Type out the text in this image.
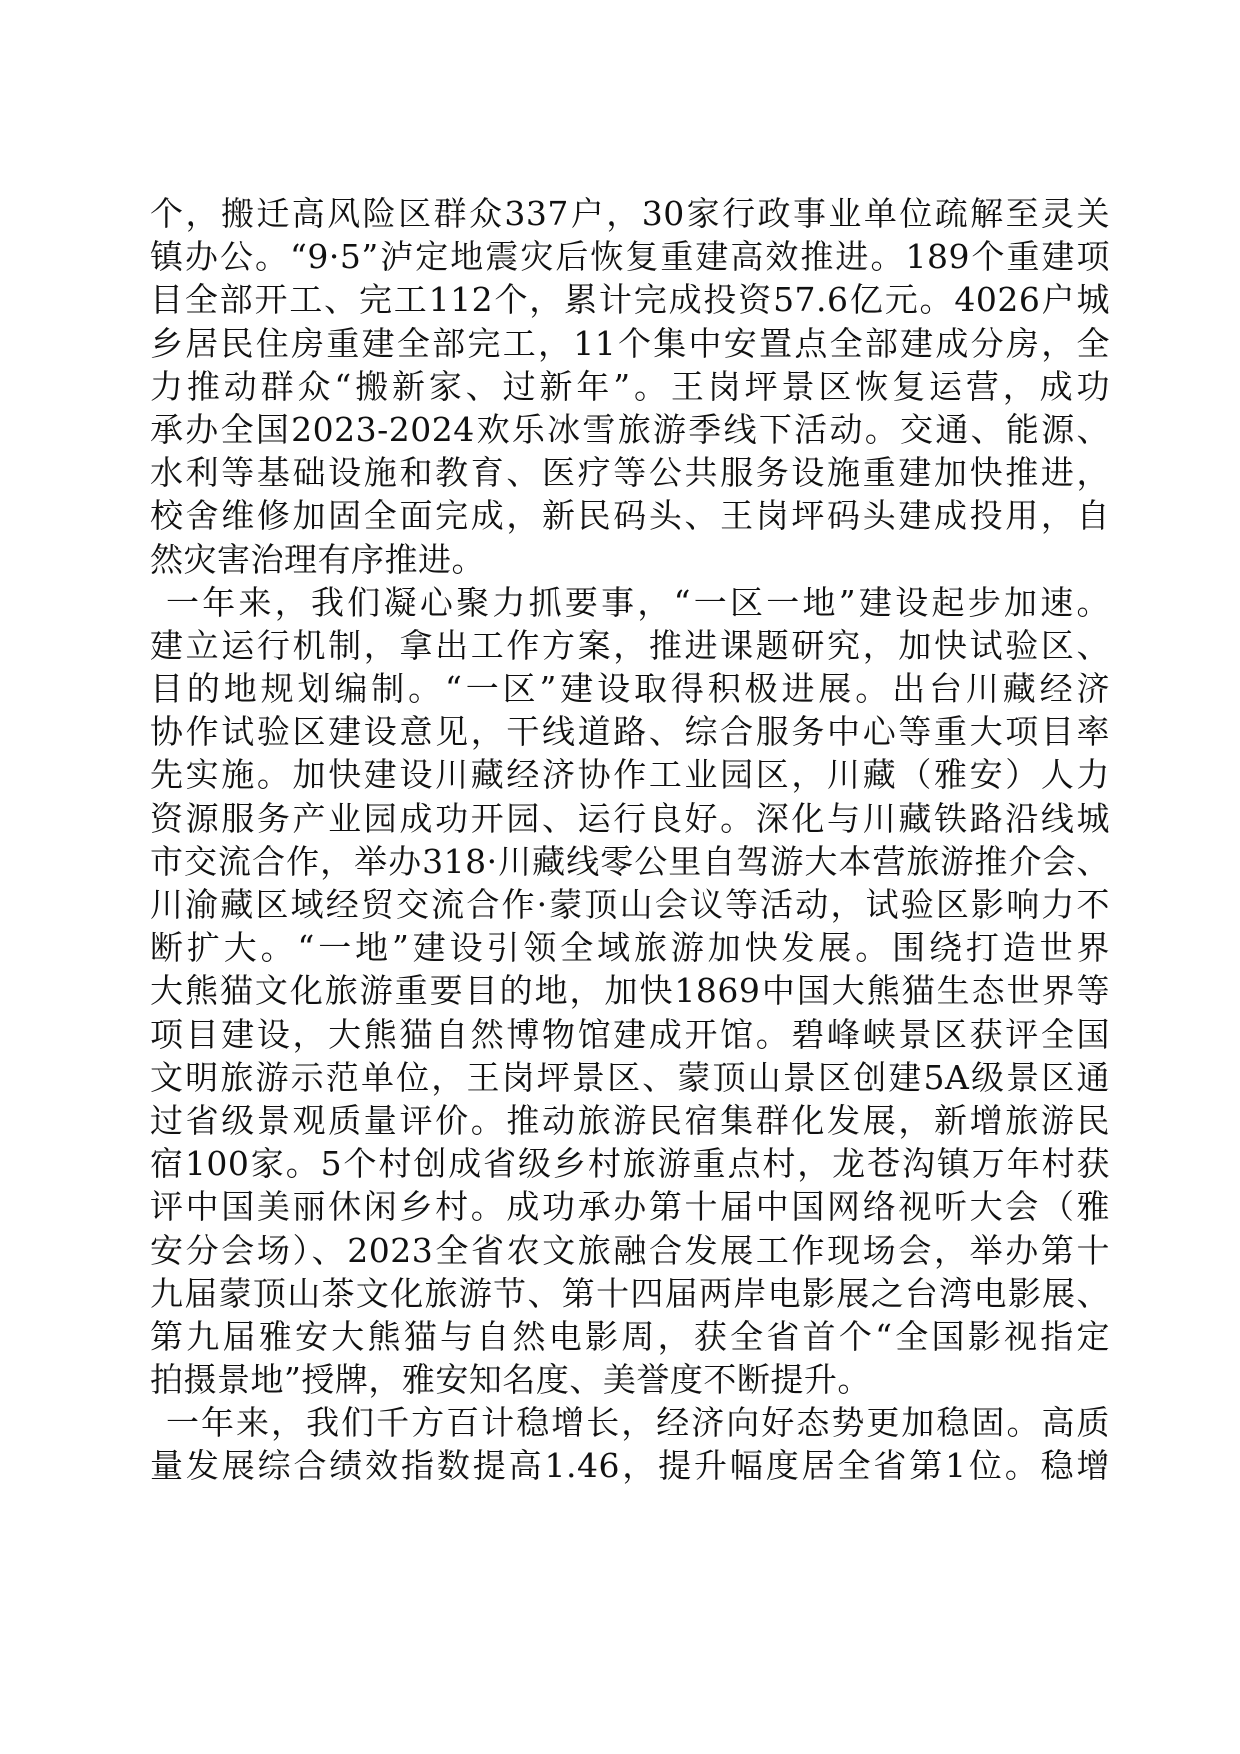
个，搬迁高风险区群众337户，30家行政事业单位疏解至灵关
镇办公。“9·5”泸定地震灾后恢复重建高效推进。189个重建项
目全部开工、完工112个，累计完成投资57.6亿元。4026户城
乡居民住房重建全部完工，11个集中安置点全部建成分房，全
力推动群众“搬新家、过新年”。王岗坪景区恢复运营，成功
承办全国2023-2024欢乐冰雪旅游季线下活动。交通、能源、
水利等基础设施和教育、医疗等公共服务设施重建加快推进，
校舍维修加固全面完成，新民码头、王岗坪码头建成投用，自
然灾害治理有序推进。
一年来，我们凝心聚力抓要事，“一区一地”建设起步加速。
建立运行机制，拿出工作方案，推进课题研究，加快试验区、
目的地规划编制。“一区”建设取得积极进展。出台川藏经济
协作试验区建设意见，干线道路、综合服务中心等重大项目率
先实施。加快建设川藏经济协作工业园区，川藏（雅安）人力
资源服务产业园成功开园、运行良好。深化与川藏铁路沿线城
市交流合作，举办318·川藏线零公里自驾游大本营旅游推介会、
川渝藏区域经贸交流合作·蒙顶山会议等活动，试验区影响力不
断扩大。“一地”建设引领全域旅游加快发展。围绕打造世界
大熊猫文化旅游重要目的地，加快1869中国大熊猫生态世界等
项目建设，大熊猫自然博物馆建成开馆。碧峰峡景区获评全国
文明旅游示范单位，王岗坪景区、蒙顶山景区创建5A级景区通
过省级景观质量评价。推动旅游民宿集群化发展，新增旅游民
宿100家。5个村创成省级乡村旅游重点村，龙苍沟镇万年村获
评中国美丽休闲乡村。成功承办第十届中国网络视听大会（雅
安分会场）、2023全省农文旅融合发展工作现场会，举办第十
九届蒙顶山茶文化旅游节、第十四届两岸电影展之台湾电影展、
第九届雅安大熊猫与自然电影周，获全省首个“全国影视指定
拍摄景地”授牌，雅安知名度、美誉度不断提升。
一年来，我们千方百计稳增长，经济向好态势更加稳固。高质
量发展综合绩效指数提高1.46，提升幅度居全省第1位。稳增
